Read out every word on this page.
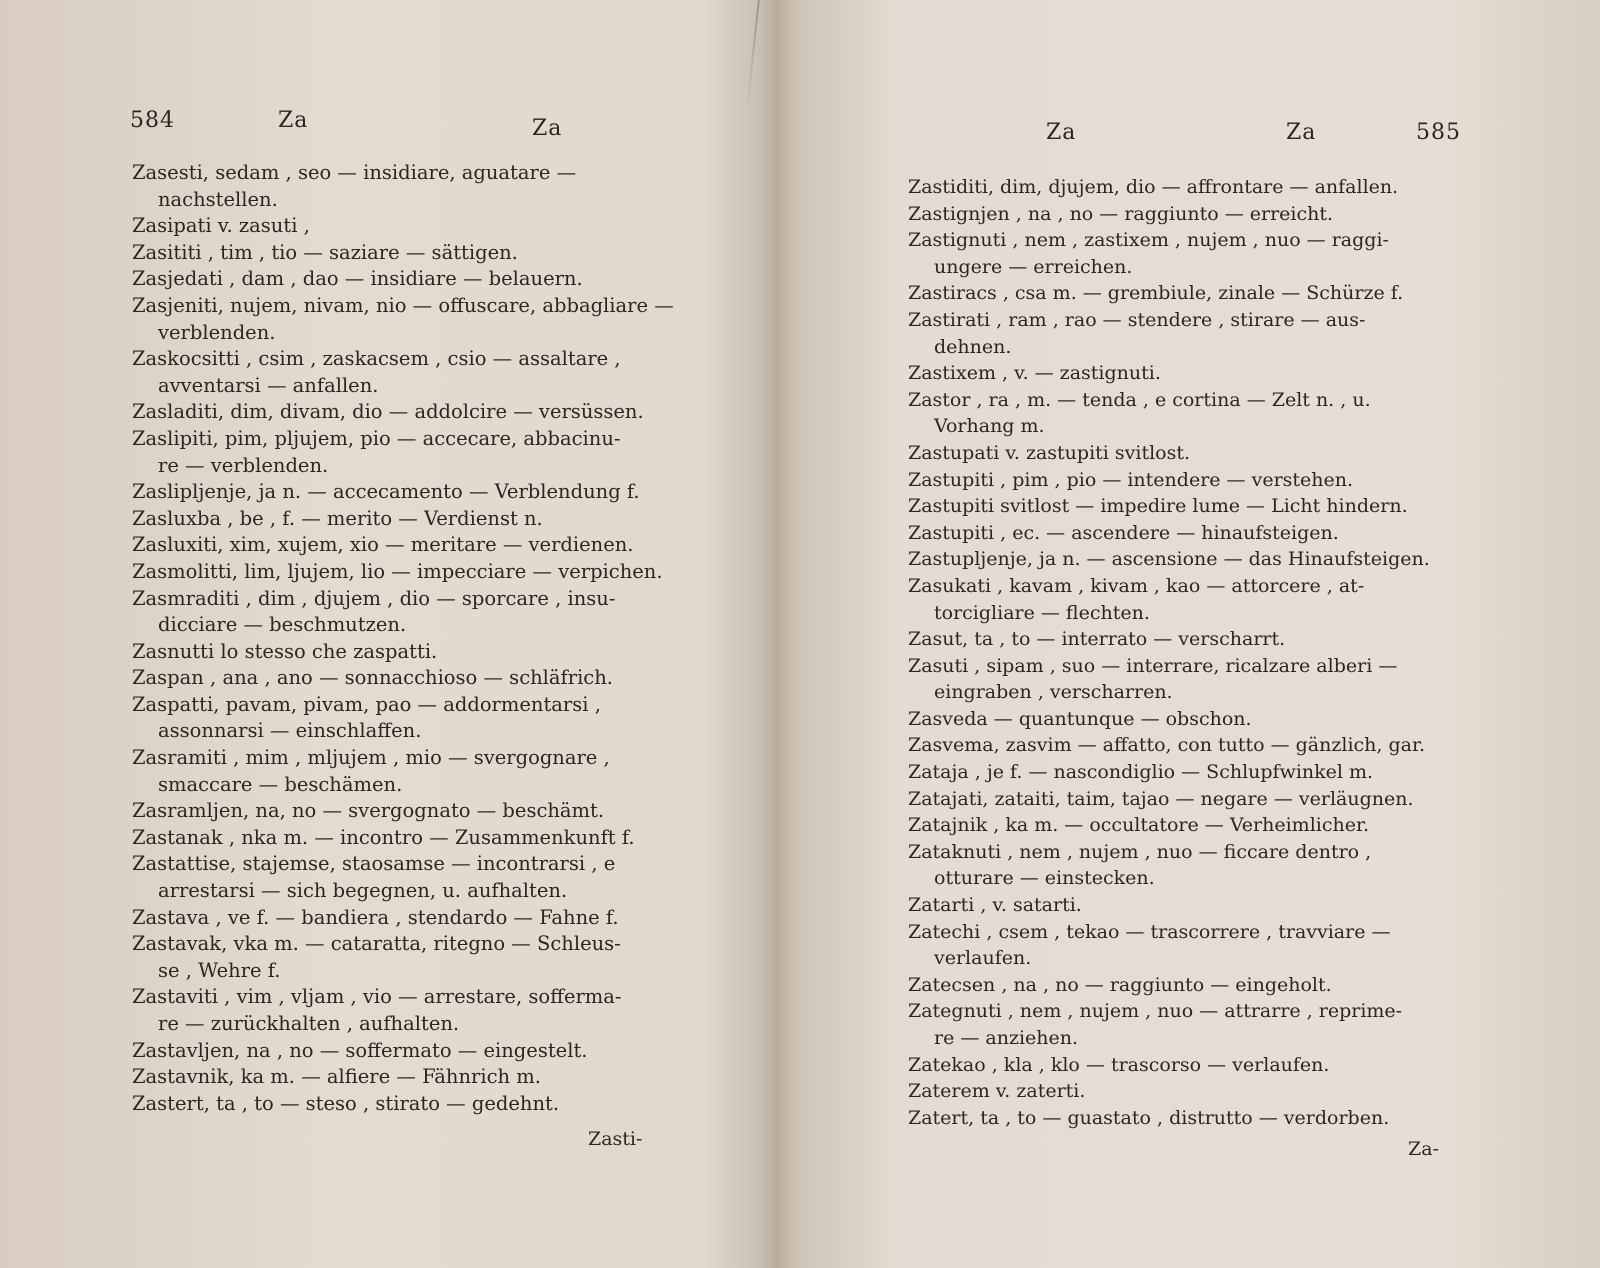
584	Za	Za
Zasesti, sedam , seo — insidiare, aguatare —
nachstellen.
Zasipati v. zasuti ,
Zasititi , tim , tio — saziare — sättigen.
Zasjedati , dam , dao — insidiare — belauern.
Zasjeniti, nujem, nivam, nio — offuscare, abbagliare —
verblenden.
Zaskocsitti , csim , zaskacsem , csio — assaltare ,
avventarsi — anfallen.
Zasladiti, dim, divam, dio — addolcire — versüssen.
Zaslipiti, pim, pljujem, pio — accecare, abbacinu-
re — verblenden.
Zaslipljenje, ja n. — accecamento — Verblendung f.
Zasluxba , be , f. — merito — Verdienst n.
Zasluxiti, xim, xujem, xio — meritare — verdienen.
Zasmolitti, lim, ljujem, lio — impecciare — verpichen.
Zasmraditi , dim , djujem , dio — sporcare , insu-
dicciare — beschmutzen.
Zasnutti lo stesso che zaspatti.
Zaspan , ana , ano — sonnacchioso — schläfrich.
Zaspatti, pavam, pivam, pao — addormentarsi ,
assonnarsi — einschlaffen.
Zasramiti , mim , mljujem , mio — svergognare ,
smaccare — beschämen.
Zasramljen, na, no — svergognato — beschämt.
Zastanak , nka m. — incontro — Zusammenkunft f.
Zastattise, stajemse, staosamse — incontrarsi , e
arrestarsi — sich begegnen, u. aufhalten.
Zastava , ve f. — bandiera , stendardo — Fahne f.
Zastavak, vka m. — cataratta, ritegno — Schleus-
se , Wehre f.
Zastaviti , vim , vljam , vio — arrestare, soffermа-
re — zurückhalten , aufhalten.
Zastavljen, na , no — soffermato — eingestelt.
Zastavnik, ka m. — alfiere — Fähnrich m.
Zastert, ta , to — steso , stirato — gedehnt.
Zasti-
Za	Za	585
Zastiditi, dim, djujem, dio — affrontare — anfallen.
Zastignjen , na , no — raggiunto — erreicht.
Zastignuti , nem , zastixem , nujem , nuo — raggi-
ungere — erreichen.
Zastiracs , csa m. — grembiule, zinale — Schürze f.
Zastirati , ram , rao — stendere , stirare — aus-
dehnen.
Zastixem , v. — zastignuti.
Zastor , ra , m. — tenda , e cortina — Zelt n. , u.
Vorhang m.
Zastupati v. zastupiti svitlost.
Zastupiti , pim , pio — intendere — verstehen.
Zastupiti svitlost — impedire lume — Licht hindern.
Zastupiti , ec. — ascendere — hinaufsteigen.
Zastupljenje, ja n. — ascensione — das Hinaufsteigen.
Zasukati , kavam , kivam , kao — attorcere , at-
torcigliare — flechten.
Zasut, ta , to — interrato — verscharrt.
Zasuti , sipam , suo — interrare, ricalzare alberi —
eingraben , verscharren.
Zasveda — quantunque — obschon.
Zasvema, zasvim — affatto, con tutto — gänzlich, gar.
Zataja , je f. — nascondiglio — Schlupfwinkel m.
Zatajati, zataiti, taim, tajao — negare — verläugnen.
Zatajnik , ka m. — occultatore — Verheimlicher.
Zataknuti , nem , nujem , nuo — ficcare dentro ,
otturare — einstecken.
Zatarti , v. satarti.
Zatechi , csem , tekao — trascorrere , travviare —
verlaufen.
Zatecsen , na , no — raggiunto — eingeholt.
Zategnuti , nem , nujem , nuo — attrarre , reprime-
re — anziehen.
Zatekao , kla , klo — trascorso — verlaufen.
Zaterem v. zaterti.
Zatert, ta , to — guastato , distrutto — verdorben.
Za-
